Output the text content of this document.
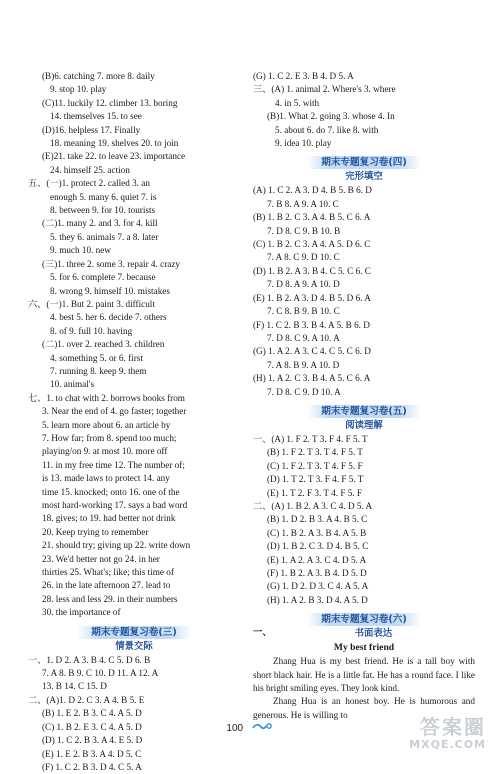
(B)6. catching 7. more 8. daily
9. stop 10. play
(C)11. luckily 12. climber 13. boring
14. themselves 15. to see
(D)16. helpless 17. Finally
18. meaning 19. shelves 20. to join
(E)21. take 22. to leave 23. importance
24. himself 25. action
五、(一)1. protect 2. called 3. an
enough 5. many 6. quiet 7. is
8. between 9. for 10. tourists
(二)1. many 2. and 3. for 4. kill
5. they 6. animals 7. a 8. later
9. much 10. new
(三)1. three 2. some 3. repair 4. crazy
5. for 6. complete 7. because
8. wrong 9. himself 10. mistakes
六、(一)1. But 2. paint 3. difficult
4. best 5. her 6. decide 7. others
8. of 9. full 10. having
(二)1. over 2. reached 3. children
4. something 5. or 6. first
7. running 8. keep 9. them
10. animal's
七、1. to chat with 2. borrows books from
3. Near the end of 4. go faster; together
5. learn more about 6. an article by
7. How far; from 8. spend too much;
playing/on 9. at most 10. more off
11. in my free time 12. The number of;
is 13. made laws to protect 14. any
time 15. knocked; onto 16. one of the
most hard-working 17. says a bad word
18. gives; to 19. had better not drink
20. Keep trying to remember
21. should try; giving up 22. write down
23. We'd better not go 24. in her
thirties 25. What's; like; this time of
26. in the late afternoon 27. lead to
28. less and less 29. in their numbers
30. the importance of
期末专题复习卷(三)
情景交际
一、1. D 2. A 3. B 4. C 5. D 6. B
7. A 8. B 9. C 10. D 11. A 12. A
13. B 14. C 15. D
二、(A)1. D 2. C 3. A 4. B 5. E
(B) 1. E 2. B 3. C 4. A 5. D
(C) 1. B 2. E 3. C 4. A 5. D
(D) 1. C 2. B 3. A 4. E 5. D
(E) 1. E 2. B 3. A 4. D 5. C
(F) 1. C 2. B 3. D 4. C 5. A
(G) 1. C 2. E 3. B 4. D 5. A
三、(A) 1. animal 2. Where's 3. where
4. in 5. with
(B)1. What 2. going 3. whose 4. In
5. about 6. do 7. like 8. with
9. idea 10. play
期末专题复习卷(四)
完形填空
(A) 1. C 2. A 3. D 4. B 5. B 6. D
7. B 8. A 9. A 10. C
(B) 1. B 2. C 3. A 4. B 5. C 6. A
7. D 8. C 9. B 10. B
(C) 1. B 2. C 3. A 4. A 5. D 6. C
7. A 8. C 9. D 10. C
(D) 1. B 2. A 3. B 4. C 5. C 6. C
7. D 8. A 9. A 10. D
(E) 1. B 2. A 3. D 4. B 5. D 6. A
7. C 8. B 9. B 10. C
(F) 1. C 2. B 3. B 4. A 5. B 6. D
7. D 8. C 9. A 10. A
(G) 1. A 2. A 3. C 4. C 5. C 6. D
7. A 8. B 9. A 10. D
(H) 1. A 2. C 3. B 4. A 5. C 6. A
7. D 8. C 9. D 10. A
期末专题复习卷(五)
阅读理解
一、(A) 1. F 2. T 3. F 4. F 5. T
(B) 1. F 2. T 3. T 4. F 5. T
(C) 1. F 2. T 3. T 4. F 5. F
(D) 1. T 2. T 3. F 4. F 5. T
(E) 1. T 2. F 3. T 4. F 5. F
二、(A) 1. B 2. A 3. C 4. D 5. A
(B) 1. D 2. B 3. A 4. B 5. C
(C) 1. B 2. A 3. B 4. A 5. B
(D) 1. B 2. C 3. D 4. B 5. C
(E) 1. A 2. A 3. C 4. D 5. A
(F) 1. B 2. A 3. B 4. D 5. D
(G) 1. D 2. D 3. C 4. A 5. A
(H) 1. A 2. B 3. D 4. A 5. D
期末专题复习卷(六)
一、	书面表达
My best friend
Zhang Hua is my best friend. He is a tall boy with short black hair. He is a little fat. He has a round face. I like his bright smiling eyes. They look kind.
Zhang Hua is an honest boy. He is humorous and generous. He is willing to
100	答案圈
MXQE.COM
